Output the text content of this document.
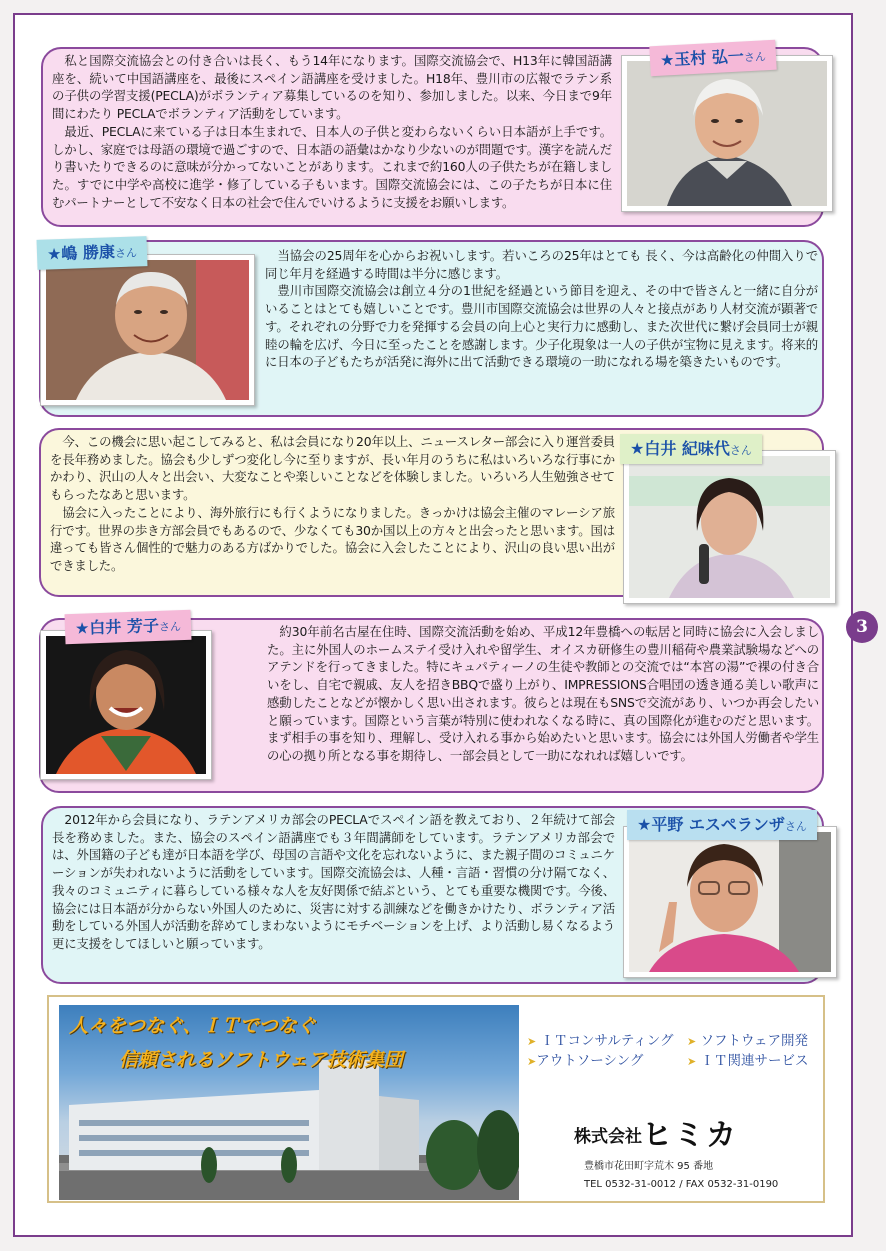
3

私と国際交流協会との付き合いは長く、もう14年になります。国際交流協会で、H13年に韓国語講座を、続いて中国語講座を、最後にスペイン語講座を受けました。H18年、豊川市の広報でラテン系の子供の学習支援(PECLA)がボランティア募集しているのを知り、参加しました。以来、今日まで9年間にわたり PECLAでボランティア活動をしています。

最近、PECLAに来ている子は日本生まれで、日本人の子供と変わらないくらい日本語が上手です。しかし、家庭では母語の環境で過ごすので、日本語の語彙はかなり少ないのが問題です。漢字を読んだり書いたりできるのに意味が分かってないことがあります。これまで約160人の子供たちが在籍しました。すでに中学や高校に進学・修了している子もいます。国際交流協会には、この子たちが日本に住むパートナーとして不安なく日本の社会で住んでいけるように支援をお願いします。

★玉村 弘一さん
★嶋 勝康さん	当協会の25周年を心からお祝いします。若いころの25年はとても 長く、今は高齢化の仲間入りで同じ年月を経過する時間は半分に感じます。

豊川市国際交流協会は創立４分の1世紀を経過という節目を迎え、その中で皆さんと一緒に自分がいることはとても嬉しいことです。豊川市国際交流協会は世界の人々と接点があり人材交流が顕著です。それぞれの分野で力を発揮する会員の向上心と実行力に感動し、また次世代に繋げ会員同士が親睦の輪を広げ、今日に至ったことを感謝します。少子化現象は一人の子供が宝物に見えます。将来的に日本の子どもたちが活発に海外に出て活動できる環境の一助になれる場を築きたいものです。

今、この機会に思い起こしてみると、私は会員になり20年以上、ニュースレター部会に入り運営委員を長年務めました。協会も少しずつ変化し今に至りますが、長い年月のうちに私はいろいろな行事にかかわり、沢山の人々と出会い、大変なことや楽しいことなどを体験しました。いろいろ人生勉強させてもらったなあと思います。

協会に入ったことにより、海外旅行にも行くようになりました。きっかけは協会主催のマレーシア旅行です。世界の歩き方部会員でもあるので、少なくても30か国以上の方々と出会ったと思います。国は違っても皆さん個性的で魅力のある方ばかりでした。協会に入会したことにより、沢山の良い思い出ができました。

★白井 紀味代さん
★白井 芳子さん	約30年前名古屋在住時、国際交流活動を始め、平成12年豊橋への転居と同時に協会に入会しました。主に外国人のホームステイ受け入れや留学生、オイスカ研修生の豊川稲荷や農業試験場などへのアテンドを行ってきました。特にキュパティーノの生徒や教師との交流では“本宮の湯”で裸の付き合いをし、自宅で親戚、友人を招きBBQで盛り上がり、IMPRESSIONS合唱団の透き通る美しい歌声に感動したことなどが懐かしく思い出されます。彼らとは現在もSNSで交流があり、いつか再会したいと願っています。国際という言葉が特別に使われなくなる時に、真の国際化が進むのだと思います。まず相手の事を知り、理解し、受け入れる事から始めたいと思います。協会には外国人労働者や学生の心の拠り所となる事を期待し、一部会員として一助になれれば嬉しいです。

2012年から会員になり、ラテンアメリカ部会のPECLAでスペイン語を教えており、２年続けて部会長を務めました。また、協会のスペイン語講座でも３年間講師をしています。ラテンアメリカ部会では、外国籍の子ども達が日本語を学び、母国の言語や文化を忘れないように、また親子間のコミュニケーションが失われないように活動をしています。国際交流協会は、人種・言語・習慣の分け隔てなく、我々のコミュニティに暮らしている様々な人を友好関係で結ぶという、とても重要な機関です。今後、協会には日本語が分からない外国人のために、災害に対する訓練などを働きかけたり、ボランティア活動をしている外国人が活動を辞めてしまわないようにモチベーションを上げ、より活動し易くなるよう更に支援をしてほしいと願っています。

★平野 エスペランザさん
人々をつなぐ、ＩＴでつなぐ
信頼されるソフトウェア技術集団
➤ ＩＴコンサルティング ➤ ソフトウェア開発
➤アウトソーシング	➤ ＩＴ関連サービス
株式会社ヒミカ
豊橋市花田町字荒木 95 番地
TEL 0532-31-0012 / FAX 0532-31-0190
